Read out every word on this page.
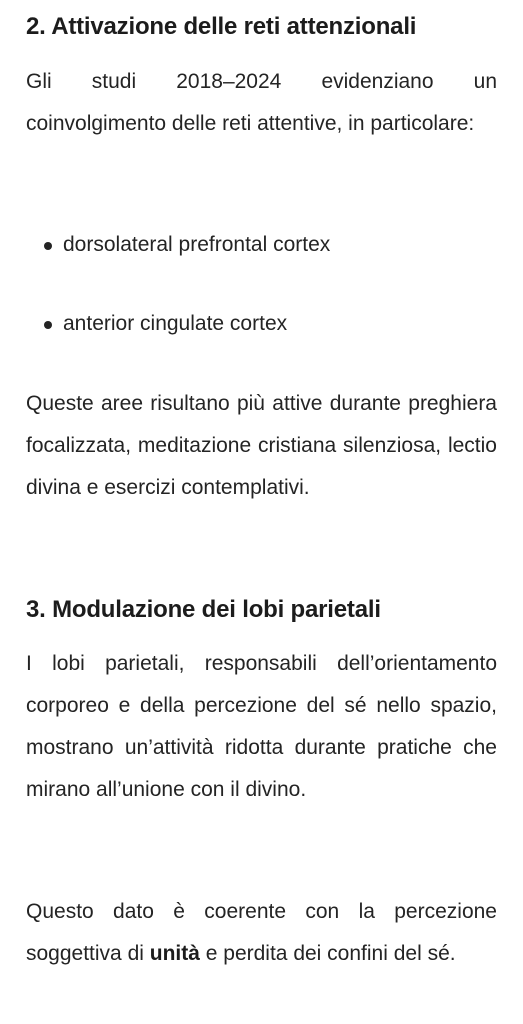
2. Attivazione delle reti attenzionali

Gli studi 2018–2024 evidenziano un coinvolgimento delle reti attentive, in particolare:

dorsolateral prefrontal cortex
anterior cingulate cortex

Queste aree risultano più attive durante preghiera focalizzata, meditazione cristiana silenziosa, lectio divina e esercizi contemplativi.

3. Modulazione dei lobi parietali

I lobi parietali, responsabili dell’orientamento corporeo e della percezione del sé nello spazio, mostrano un’attività ridotta durante pratiche che mirano all’unione con il divino.

Questo dato è coerente con la percezione soggettiva di unità e perdita dei confini del sé.
